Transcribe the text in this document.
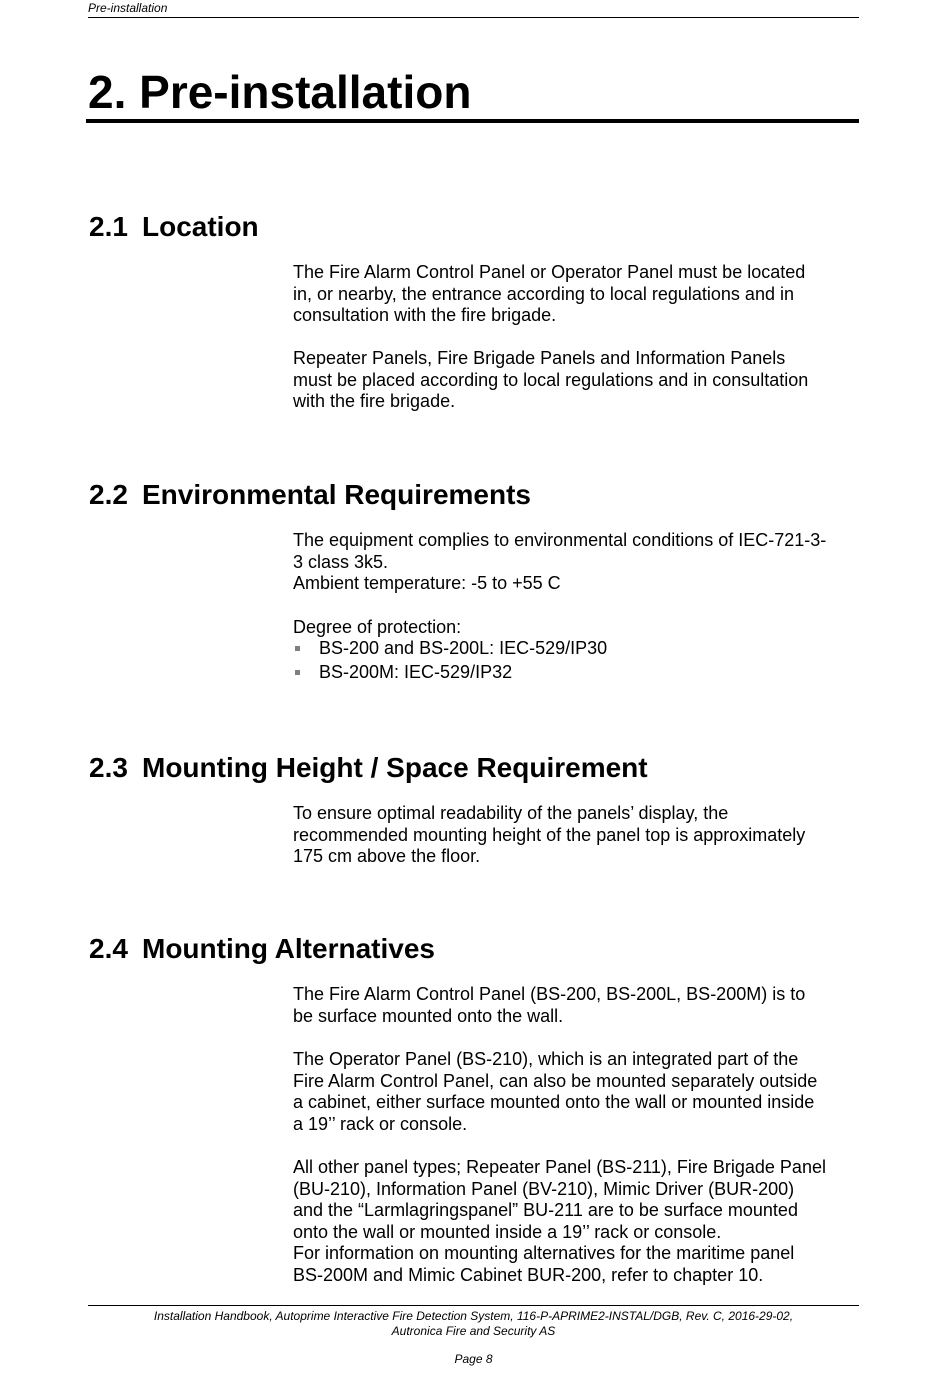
Pre-installation
2. Pre-installation
2.1 Location

The Fire Alarm Control Panel or Operator Panel must be located
in, or nearby, the entrance according to local regulations and in
consultation with the fire brigade.

Repeater Panels, Fire Brigade Panels and Information Panels
must be placed according to local regulations and in consultation
with the fire brigade.

2.2 Environmental Requirements

The equipment complies to environmental conditions of IEC-721-3-
3 class 3k5.
Ambient temperature: -5 to +55 C

Degree of protection:

BS-200 and BS-200L: IEC-529/IP30
BS-200M: IEC-529/IP32
2.3 Mounting Height / Space Requirement

To ensure optimal readability of the panels’ display, the
recommended mounting height of the panel top is approximately
175 cm above the floor.

2.4 Mounting Alternatives

The Fire Alarm Control Panel (BS-200, BS-200L, BS-200M) is to
be surface mounted onto the wall.

The Operator Panel (BS-210), which is an integrated part of the
Fire Alarm Control Panel, can also be mounted separately outside
a cabinet, either surface mounted onto the wall or mounted inside
a 19’’ rack or console.

All other panel types; Repeater Panel (BS-211), Fire Brigade Panel
(BU-210), Information Panel (BV-210), Mimic Driver (BUR-200)
and the “Larmlagringspanel” BU-211 are to be surface mounted
onto the wall or mounted inside a 19’’ rack or console.
For information on mounting alternatives for the maritime panel
BS-200M and Mimic Cabinet BUR-200, refer to chapter 10.

Installation Handbook, Autoprime Interactive Fire Detection System, 116-P-APRIME2-INSTAL/DGB, Rev. C, 2016-29-02,
Autronica Fire and Security AS
Page 8
